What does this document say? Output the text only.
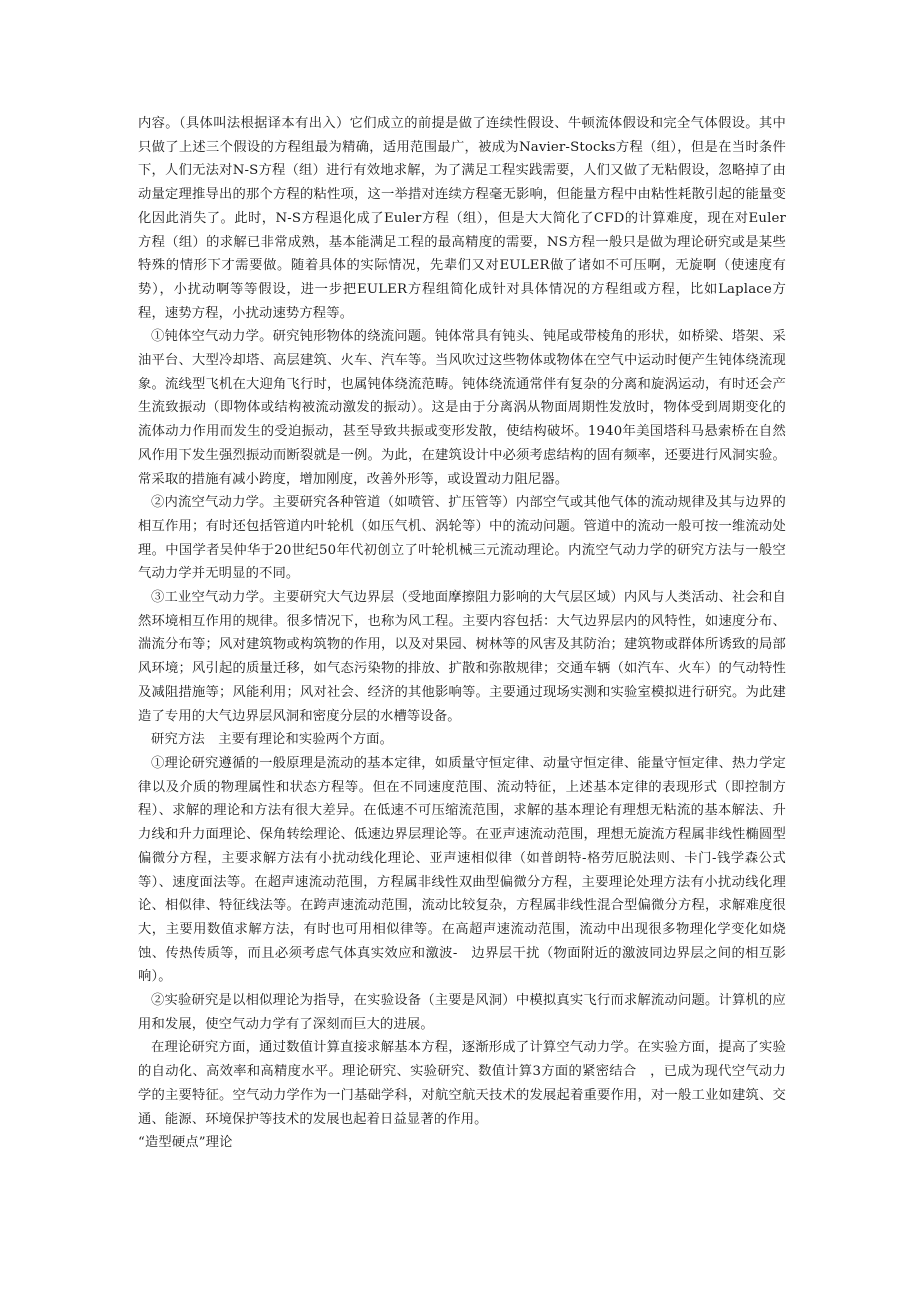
内容。（具体叫法根据译本有出入）它们成立的前提是做了连续性假设、牛顿流体假设和完全气体假设。其中只做了上述三个假设的方程组最为精确，适用范围最广，被成为Navier-Stocks方程（组），但是在当时条件下，人们无法对N-S方程（组）进行有效地求解，为了满足工程实践需要，人们又做了无粘假设，忽略掉了由动量定理推导出的那个方程的粘性项，这一举措对连续方程毫无影响，但能量方程中由粘性耗散引起的能量变化因此消失了。此时，N-S方程退化成了Euler方程（组），但是大大简化了CFD的计算难度，现在对Euler方程（组）的求解已非常成熟，基本能满足工程的最高精度的需要，NS方程一般只是做为理论研究或是某些特殊的情形下才需要做。随着具体的实际情况，先辈们又对EULER做了诸如不可压啊，无旋啊（使速度有势），小扰动啊等等假设，进一步把EULER方程组简化成针对具体情况的方程组或方程，比如Laplace方程，速势方程，小扰动速势方程等。

①钝体空气动力学。研究钝形物体的绕流问题。钝体常具有钝头、钝尾或带棱角的形状，如桥梁、塔架、采油平台、大型冷却塔、高层建筑、火车、汽车等。当风吹过这些物体或物体在空气中运动时便产生钝体绕流现象。流线型飞机在大迎角飞行时，也属钝体绕流范畴。钝体绕流通常伴有复杂的分离和旋涡运动，有时还会产生流致振动（即物体或结构被流动激发的振动）。这是由于分离涡从物面周期性发放时，物体受到周期变化的流体动力作用而发生的受迫振动，甚至导致共振或变形发散，使结构破坏。1940年美国塔科马悬索桥在自然风作用下发生强烈振动而断裂就是一例。为此，在建筑设计中必须考虑结构的固有频率，还要进行风洞实验。常采取的措施有减小跨度，增加刚度，改善外形等，或设置动力阻尼器。

②内流空气动力学。主要研究各种管道（如喷管、扩压管等）内部空气或其他气体的流动规律及其与边界的相互作用；有时还包括管道内叶轮机（如压气机、涡轮等）中的流动问题。管道中的流动一般可按一维流动处理。中国学者吴仲华于20世纪50年代初创立了叶轮机械三元流动理论。内流空气动力学的研究方法与一般空气动力学并无明显的不同。

③工业空气动力学。主要研究大气边界层（受地面摩擦阻力影响的大气层区域）内风与人类活动、社会和自然环境相互作用的规律。很多情况下，也称为风工程。主要内容包括：大气边界层内的风特性，如速度分布、湍流分布等；风对建筑物或构筑物的作用，以及对果园、树林等的风害及其防治；建筑物或群体所诱致的局部风环境；风引起的质量迁移，如气态污染物的排放、扩散和弥散规律；交通车辆（如汽车、火车）的气动特性及减阻措施等；风能利用；风对社会、经济的其他影响等。主要通过现场实测和实验室模拟进行研究。为此建造了专用的大气边界层风洞和密度分层的水槽等设备。

研究方法　主要有理论和实验两个方面。

①理论研究遵循的一般原理是流动的基本定律，如质量守恒定律、动量守恒定律、能量守恒定律、热力学定律以及介质的物理属性和状态方程等。但在不同速度范围、流动特征，上述基本定律的表现形式（即控制方程）、求解的理论和方法有很大差异。在低速不可压缩流范围，求解的基本理论有理想无粘流的基本解法、升力线和升力面理论、保角转绘理论、低速边界层理论等。在亚声速流动范围，理想无旋流方程属非线性椭圆型偏微分方程，主要求解方法有小扰动线化理论、亚声速相似律（如普朗特-格劳厄脱法则、卡门-钱学森公式等）、速度面法等。在超声速流动范围，方程属非线性双曲型偏微分方程，主要理论处理方法有小扰动线化理论、相似律、特征线法等。在跨声速流动范围，流动比较复杂，方程属非线性混合型偏微分方程，求解难度很大，主要用数值求解方法，有时也可用相似律等。在高超声速流动范围，流动中出现很多物理化学变化如烧蚀、传热传质等，而且必须考虑气体真实效应和激波-　边界层干扰（物面附近的激波同边界层之间的相互影响）。

②实验研究是以相似理论为指导，在实验设备（主要是风洞）中模拟真实飞行而求解流动问题。计算机的应用和发展，使空气动力学有了深刻而巨大的进展。

在理论研究方面，通过数值计算直接求解基本方程，逐渐形成了计算空气动力学。在实验方面，提高了实验的自动化、高效率和高精度水平。理论研究、实验研究、数值计算3方面的紧密结合　，已成为现代空气动力学的主要特征。空气动力学作为一门基础学科，对航空航天技术的发展起着重要作用，对一般工业如建筑、交通、能源、环境保护等技术的发展也起着日益显著的作用。

“造型硬点”理论
